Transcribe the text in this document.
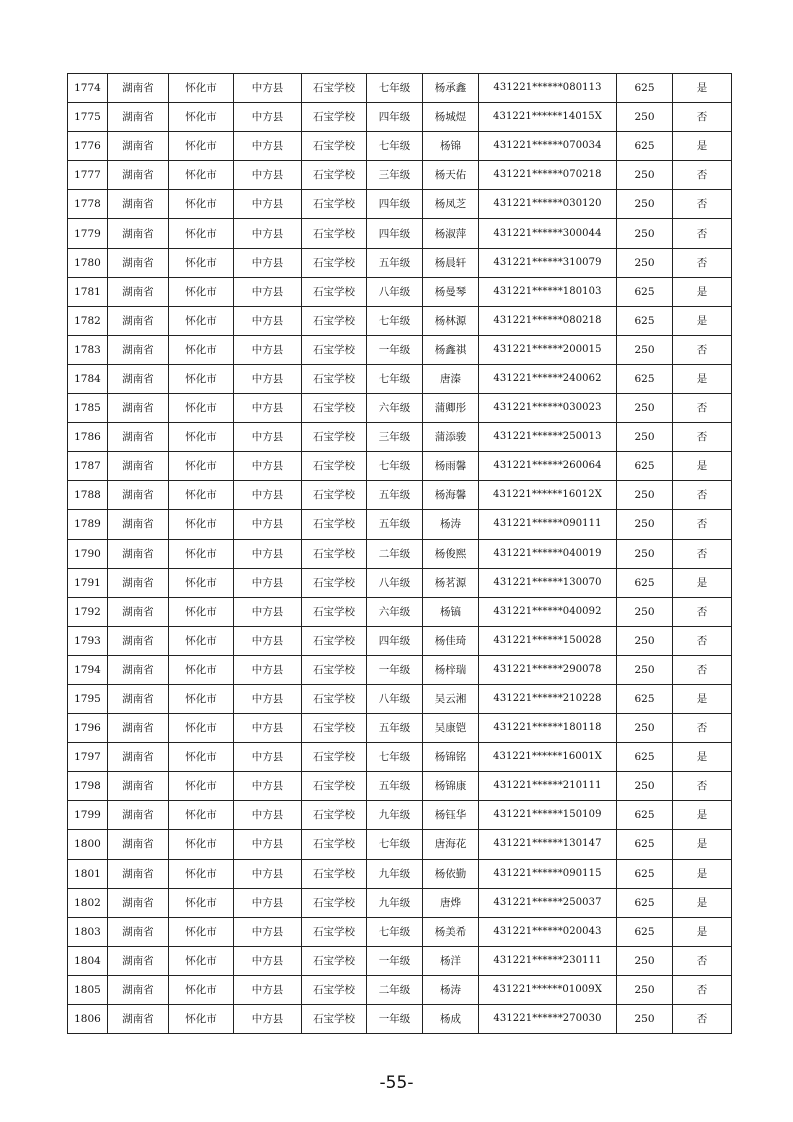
1774	湖南省	怀化市	中方县	石宝学校	七年级	杨承鑫	431221******080113	625	是
1775	湖南省	怀化市	中方县	石宝学校	四年级	杨城煜	431221******14015X	250	否
1776	湖南省	怀化市	中方县	石宝学校	七年级	杨锦	431221******070034	625	是
1777	湖南省	怀化市	中方县	石宝学校	三年级	杨天佑	431221******070218	250	否
1778	湖南省	怀化市	中方县	石宝学校	四年级	杨凤芝	431221******030120	250	否
1779	湖南省	怀化市	中方县	石宝学校	四年级	杨淑萍	431221******300044	250	否
1780	湖南省	怀化市	中方县	石宝学校	五年级	杨晨轩	431221******310079	250	否
1781	湖南省	怀化市	中方县	石宝学校	八年级	杨曼琴	431221******180103	625	是
1782	湖南省	怀化市	中方县	石宝学校	七年级	杨林源	431221******080218	625	是
1783	湖南省	怀化市	中方县	石宝学校	一年级	杨鑫祺	431221******200015	250	否
1784	湖南省	怀化市	中方县	石宝学校	七年级	唐溱	431221******240062	625	是
1785	湖南省	怀化市	中方县	石宝学校	六年级	蒲卿彤	431221******030023	250	否
1786	湖南省	怀化市	中方县	石宝学校	三年级	蒲添骏	431221******250013	250	否
1787	湖南省	怀化市	中方县	石宝学校	七年级	杨雨馨	431221******260064	625	是
1788	湖南省	怀化市	中方县	石宝学校	五年级	杨海馨	431221******16012X	250	否
1789	湖南省	怀化市	中方县	石宝学校	五年级	杨涛	431221******090111	250	否
1790	湖南省	怀化市	中方县	石宝学校	二年级	杨俊熙	431221******040019	250	否
1791	湖南省	怀化市	中方县	石宝学校	八年级	杨茗源	431221******130070	625	是
1792	湖南省	怀化市	中方县	石宝学校	六年级	杨镐	431221******040092	250	否
1793	湖南省	怀化市	中方县	石宝学校	四年级	杨佳琦	431221******150028	250	否
1794	湖南省	怀化市	中方县	石宝学校	一年级	杨梓瑞	431221******290078	250	否
1795	湖南省	怀化市	中方县	石宝学校	八年级	吴云湘	431221******210228	625	是
1796	湖南省	怀化市	中方县	石宝学校	五年级	吴康铠	431221******180118	250	否
1797	湖南省	怀化市	中方县	石宝学校	七年级	杨锦铭	431221******16001X	625	是
1798	湖南省	怀化市	中方县	石宝学校	五年级	杨锦康	431221******210111	250	否
1799	湖南省	怀化市	中方县	石宝学校	九年级	杨钰华	431221******150109	625	是
1800	湖南省	怀化市	中方县	石宝学校	七年级	唐海花	431221******130147	625	是
1801	湖南省	怀化市	中方县	石宝学校	九年级	杨依勤	431221******090115	625	是
1802	湖南省	怀化市	中方县	石宝学校	九年级	唐烨	431221******250037	625	是
1803	湖南省	怀化市	中方县	石宝学校	七年级	杨美希	431221******020043	625	是
1804	湖南省	怀化市	中方县	石宝学校	一年级	杨洋	431221******230111	250	否
1805	湖南省	怀化市	中方县	石宝学校	二年级	杨涛	431221******01009X	250	否
1806	湖南省	怀化市	中方县	石宝学校	一年级	杨成	431221******270030	250	否
-55-
